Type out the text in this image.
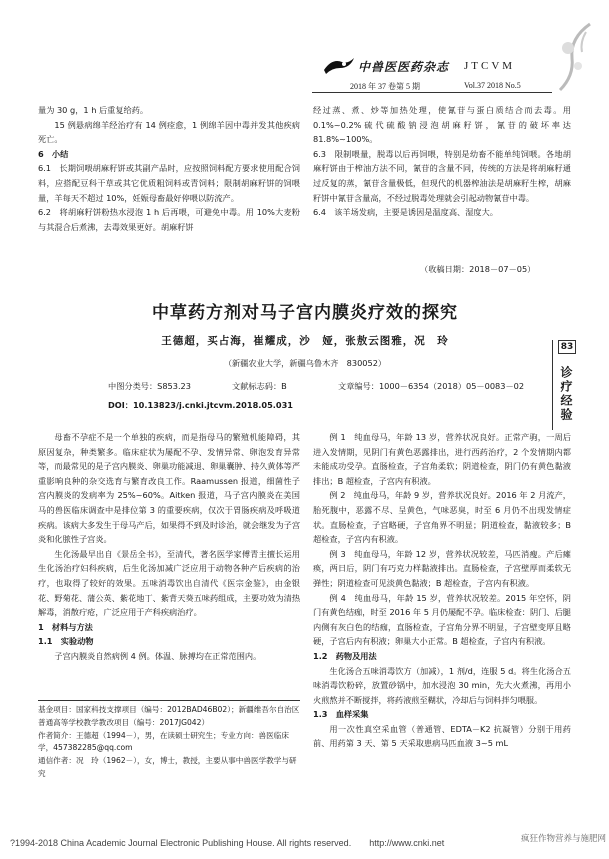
中兽医医药杂志 JTCVM
2018 年 37 卷第 5 期	Vol.37 2018 No.5

量为 30 g，1 h 后重复给药。

15 例悬病绵羊经治疗有 14 例痊愈，1 例绵羊因中毒并发其他疾病死亡。

6　小结

6.1　长期饲喂胡麻籽饼或其副产品时，应按照饲料配方要求使用配合饲料，应搭配豆科干草或其它优质粗饲料或青饲料；限制胡麻籽饼的饲喂量，羊每天不超过 10%，妊娠母畜最好停喂以防流产。

6.2　将胡麻籽饼粉热水浸泡 1 h 后再喂，可避免中毒。用 10%大麦粉与其混合后煮沸，去毒效果更好。胡麻籽饼

经过蒸、煮、炒等加热处理，使氰苷与蛋白质结合而去毒。用 0.1%~0.2%硫代硫酸钠浸泡胡麻籽饼，氰苷的破坏率达 81.8%~100%。

6.3　限制喂量，脱毒以后再饲喂，特别是幼畜不能单纯饲喂。各地胡麻籽饼由于榨油方法不同，氰苷的含量不同，传统的方法是将胡麻籽通过反复的蒸，氰苷含量极低，但现代的机器榨油法是胡麻籽生榨，胡麻籽饼中氰苷含量高，不经过脱毒处理就会引起动物氰苷中毒。

6.4　该羊场发病，主要是诱因是温度高、湿度大。

（收稿日期：2018－07－05）
中草药方剂对马子宫内膜炎疗效的探究
王德超，买占海，崔耀成，沙　娅，张敖云图雅，况　玲
（新疆农业大学，新疆乌鲁木齐　830052）
中图分类号：S853.23	文献标志码：B	文章编号：1000－6354（2018）05－0083－02
DOI：10.13823/j.cnki.jtcvm.2018.05.031
83
诊疗经验

母畜不孕症不是一个单独的疾病，而是指母马的繁殖机能障碍，其原因复杂，种类繁多。临床症状为屡配不孕、发情异常、卵泡发育异常等，而最常见的是子宫内膜炎、卵巢功能减退、卵巢囊肿、持久黄体等严重影响良种的杂交选育与繁育改良工作。Raamussen 报道，细菌性子宫内膜炎的发病率为 25%~60%。Aitken 报道，马子宫内膜炎在美国马的兽医临床调查中是排位第 3 的重要疾病，仅次于胃肠疾病及呼吸道疾病。该病大多发生于母马产后，如果得不到及时诊治，就会继发为子宫炎和化脓性子宫炎。

生化汤最早出自《景岳全书》，至清代，著名医学家傅青主擅长运用生化汤治疗妇科疾病，后生化汤加减广泛应用于动物各种产后疾病的治疗，也取得了较好的效果。五味消毒饮出自清代《医宗金鉴》，由金银花、野菊花、蒲公英、紫花地丁、紫背天葵五味药组成，主要功效为清热解毒，消散疔疮，广泛应用于产科疾病治疗。

1　材料与方法

1.1　实验动物

子宫内膜炎自然病例 4 例。体温、脉搏均在正常范围内。

例 1　纯血母马，年龄 13 岁，营养状况良好。正常产驹，一周后进入发情期，见阴门有黄色恶露排出，进行西药治疗，2 个发情期内都未能成功受孕。直肠检查，子宫角柔软；阴道检查，阴门仍有黄色黏液排出；B 超检查，子宫内有积液。

例 2　纯血母马，年龄 9 岁，营养状况良好。2016 年 2 月流产，胎死腹中，恶露不尽、呈黄色，气味恶臭，时至 6 月仍不出现发情症状。直肠检查，子宫略硬，子宫角界不明显；阴道检查，黏液较多；B 超检查，子宫内有积液。

例 3　纯血母马，年龄 12 岁，营养状况较差，马匹消瘦。产后瘫痪，两日后，阴门有巧克力样黏液排出。直肠检查，子宫壁厚而柔软无弹性；阴道检查可见淡黄色黏液；B 超检查，子宫内有积液。

例 4　纯血母马，年龄 15 岁，营养状况较差。2015 年空怀，阴门有黄色结痂，时至 2016 年 5 月仍屡配不孕。临床检查：阴门、后腿内侧有灰白色的结痂，直肠检查，子宫角分界不明显，子宫壁变厚且略硬，子宫后内有积液；卵巢大小正常。B 超检查，子宫内有积液。

1.2　药物及用法

生化汤合五味消毒饮方（加减），1 剂/d，连服 5 d。将生化汤合五味消毒饮粉碎，放置砂锅中，加水浸泡 30 min，先大火煮沸，再用小火煎熬并不断搅拌，将药液煎至糊状，冷却后与饲料拌匀喂服。

1.3　血样采集

用一次性真空采血管（普通管、EDTA－K2 抗凝管）分别于用药前、用药第 3 天、第 5 天采取患病马匹血液 3~5 mL

基金项目：国家科技支撑项目（编号：2012BAD46B02）；新疆维吾尔自治区普通高等学校教学教改项目（编号：2017JG042）

作者简介：王德超（1994－），男，在读硕士研究生；专业方向：兽医临床学，457382285@qq.com

通信作者：况　玲（1962－），女，博士，教授，主要从事中兽医学教学与研究

?1994-2018 China Academic Journal Electronic Publishing House. All rights reserved.　　http://www.cnki.net	疯狂作物营养与施肥网
